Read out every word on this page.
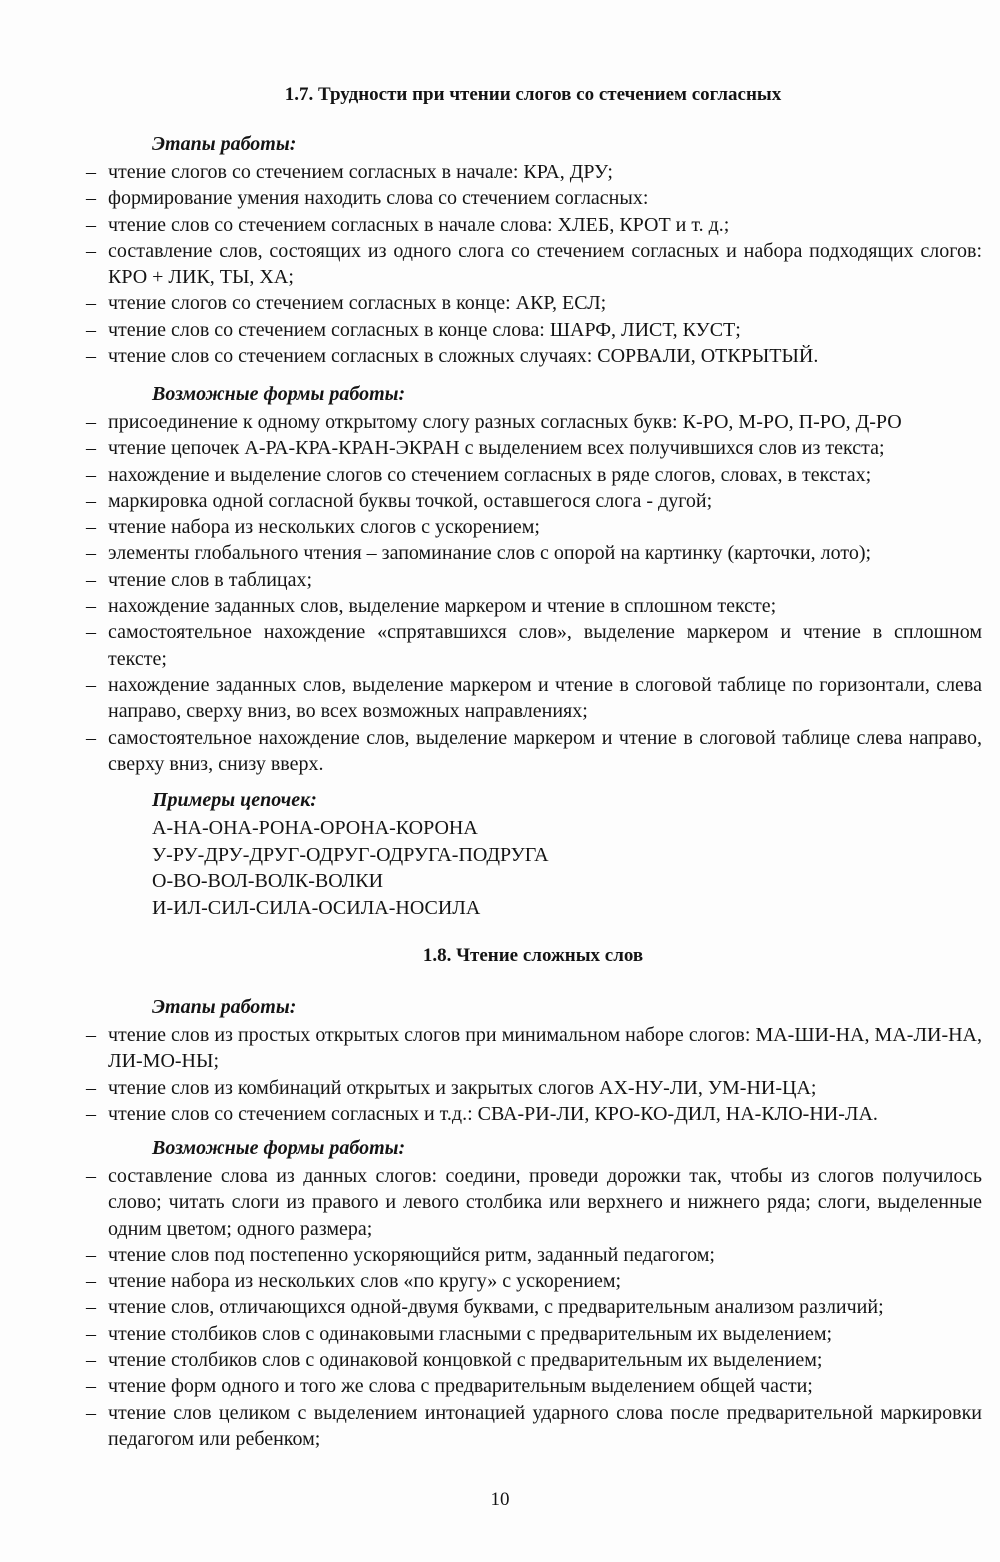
1.7. Трудности при чтении слогов со стечением согласных
Этапы работы:
– чтение слогов со стечением согласных в начале: КРА, ДРУ;
– формирование умения находить слова со стечением согласных:
– чтение слов со стечением согласных в начале слова: ХЛЕБ, КРОТ и т. д.;
– составление слов, состоящих из одного слога со стечением согласных и набора подходящих слогов: КРО + ЛИК, ТЫ, ХА;
– чтение слогов со стечением согласных в конце: АКР, ЕСЛ;
– чтение слов со стечением согласных в конце слова: ШАРФ, ЛИСТ, КУСТ;
– чтение слов со стечением согласных в сложных случаях: СОРВАЛИ, ОТКРЫТЫЙ.
Возможные формы работы:
– присоединение к одному открытому слогу разных согласных букв: К-РО, М-РО, П-РО, Д-РО
– чтение цепочек А-РА-КРА-КРАН-ЭКРАН с выделением всех получившихся слов из текста;
– нахождение и выделение слогов со стечением согласных в ряде слогов, словах, в текстах;
– маркировка одной согласной буквы точкой, оставшегося слога - дугой;
– чтение набора из нескольких слогов с ускорением;
– элементы глобального чтения – запоминание слов с опорой на картинку (карточки, лото);
– чтение слов в таблицах;
– нахождение заданных слов, выделение маркером и чтение в сплошном тексте;
– самостоятельное нахождение «спрятавшихся слов», выделение маркером и чтение в сплошном тексте;
– нахождение заданных слов, выделение маркером и чтение в слоговой таблице по горизонтали, слева направо, сверху вниз, во всех возможных направлениях;
– самостоятельное нахождение слов, выделение маркером и чтение в слоговой таблице слева направо, сверху вниз, снизу вверх.
Примеры цепочек:
А-НА-ОНА-РОНА-ОРОНА-КОРОНА
У-РУ-ДРУ-ДРУГ-ОДРУГ-ОДРУГА-ПОДРУГА
О-ВО-ВОЛ-ВОЛК-ВОЛКИ
И-ИЛ-СИЛ-СИЛА-ОСИЛА-НОСИЛА
1.8. Чтение сложных слов
Этапы работы:
– чтение слов из простых открытых слогов при минимальном наборе слогов: МА-ШИ-НА, МА-ЛИ-НА, ЛИ-МО-НЫ;
– чтение слов из комбинаций открытых и закрытых слогов АХ-НУ-ЛИ, УМ-НИ-ЦА;
– чтение слов со стечением согласных и т.д.: СВА-РИ-ЛИ, КРО-КО-ДИЛ, НА-КЛО-НИ-ЛА.
Возможные формы работы:
– составление слова из данных слогов: соедини, проведи дорожки так, чтобы из слогов получилось слово; читать слоги из правого и левого столбика или верхнего и нижнего ряда; слоги, выделенные одним цветом; одного размера;
– чтение слов под постепенно ускоряющийся ритм, заданный педагогом;
– чтение набора из нескольких слов «по кругу» с ускорением;
– чтение слов, отличающихся одной-двумя буквами, с предварительным анализом различий;
– чтение столбиков слов с одинаковыми гласными с предварительным их выделением;
– чтение столбиков слов с одинаковой концовкой с предварительным их выделением;
– чтение форм одного и того же слова с предварительным выделением общей части;
– чтение слов целиком с выделением интонацией ударного слова после предварительной маркировки педагогом или ребенком;
10
